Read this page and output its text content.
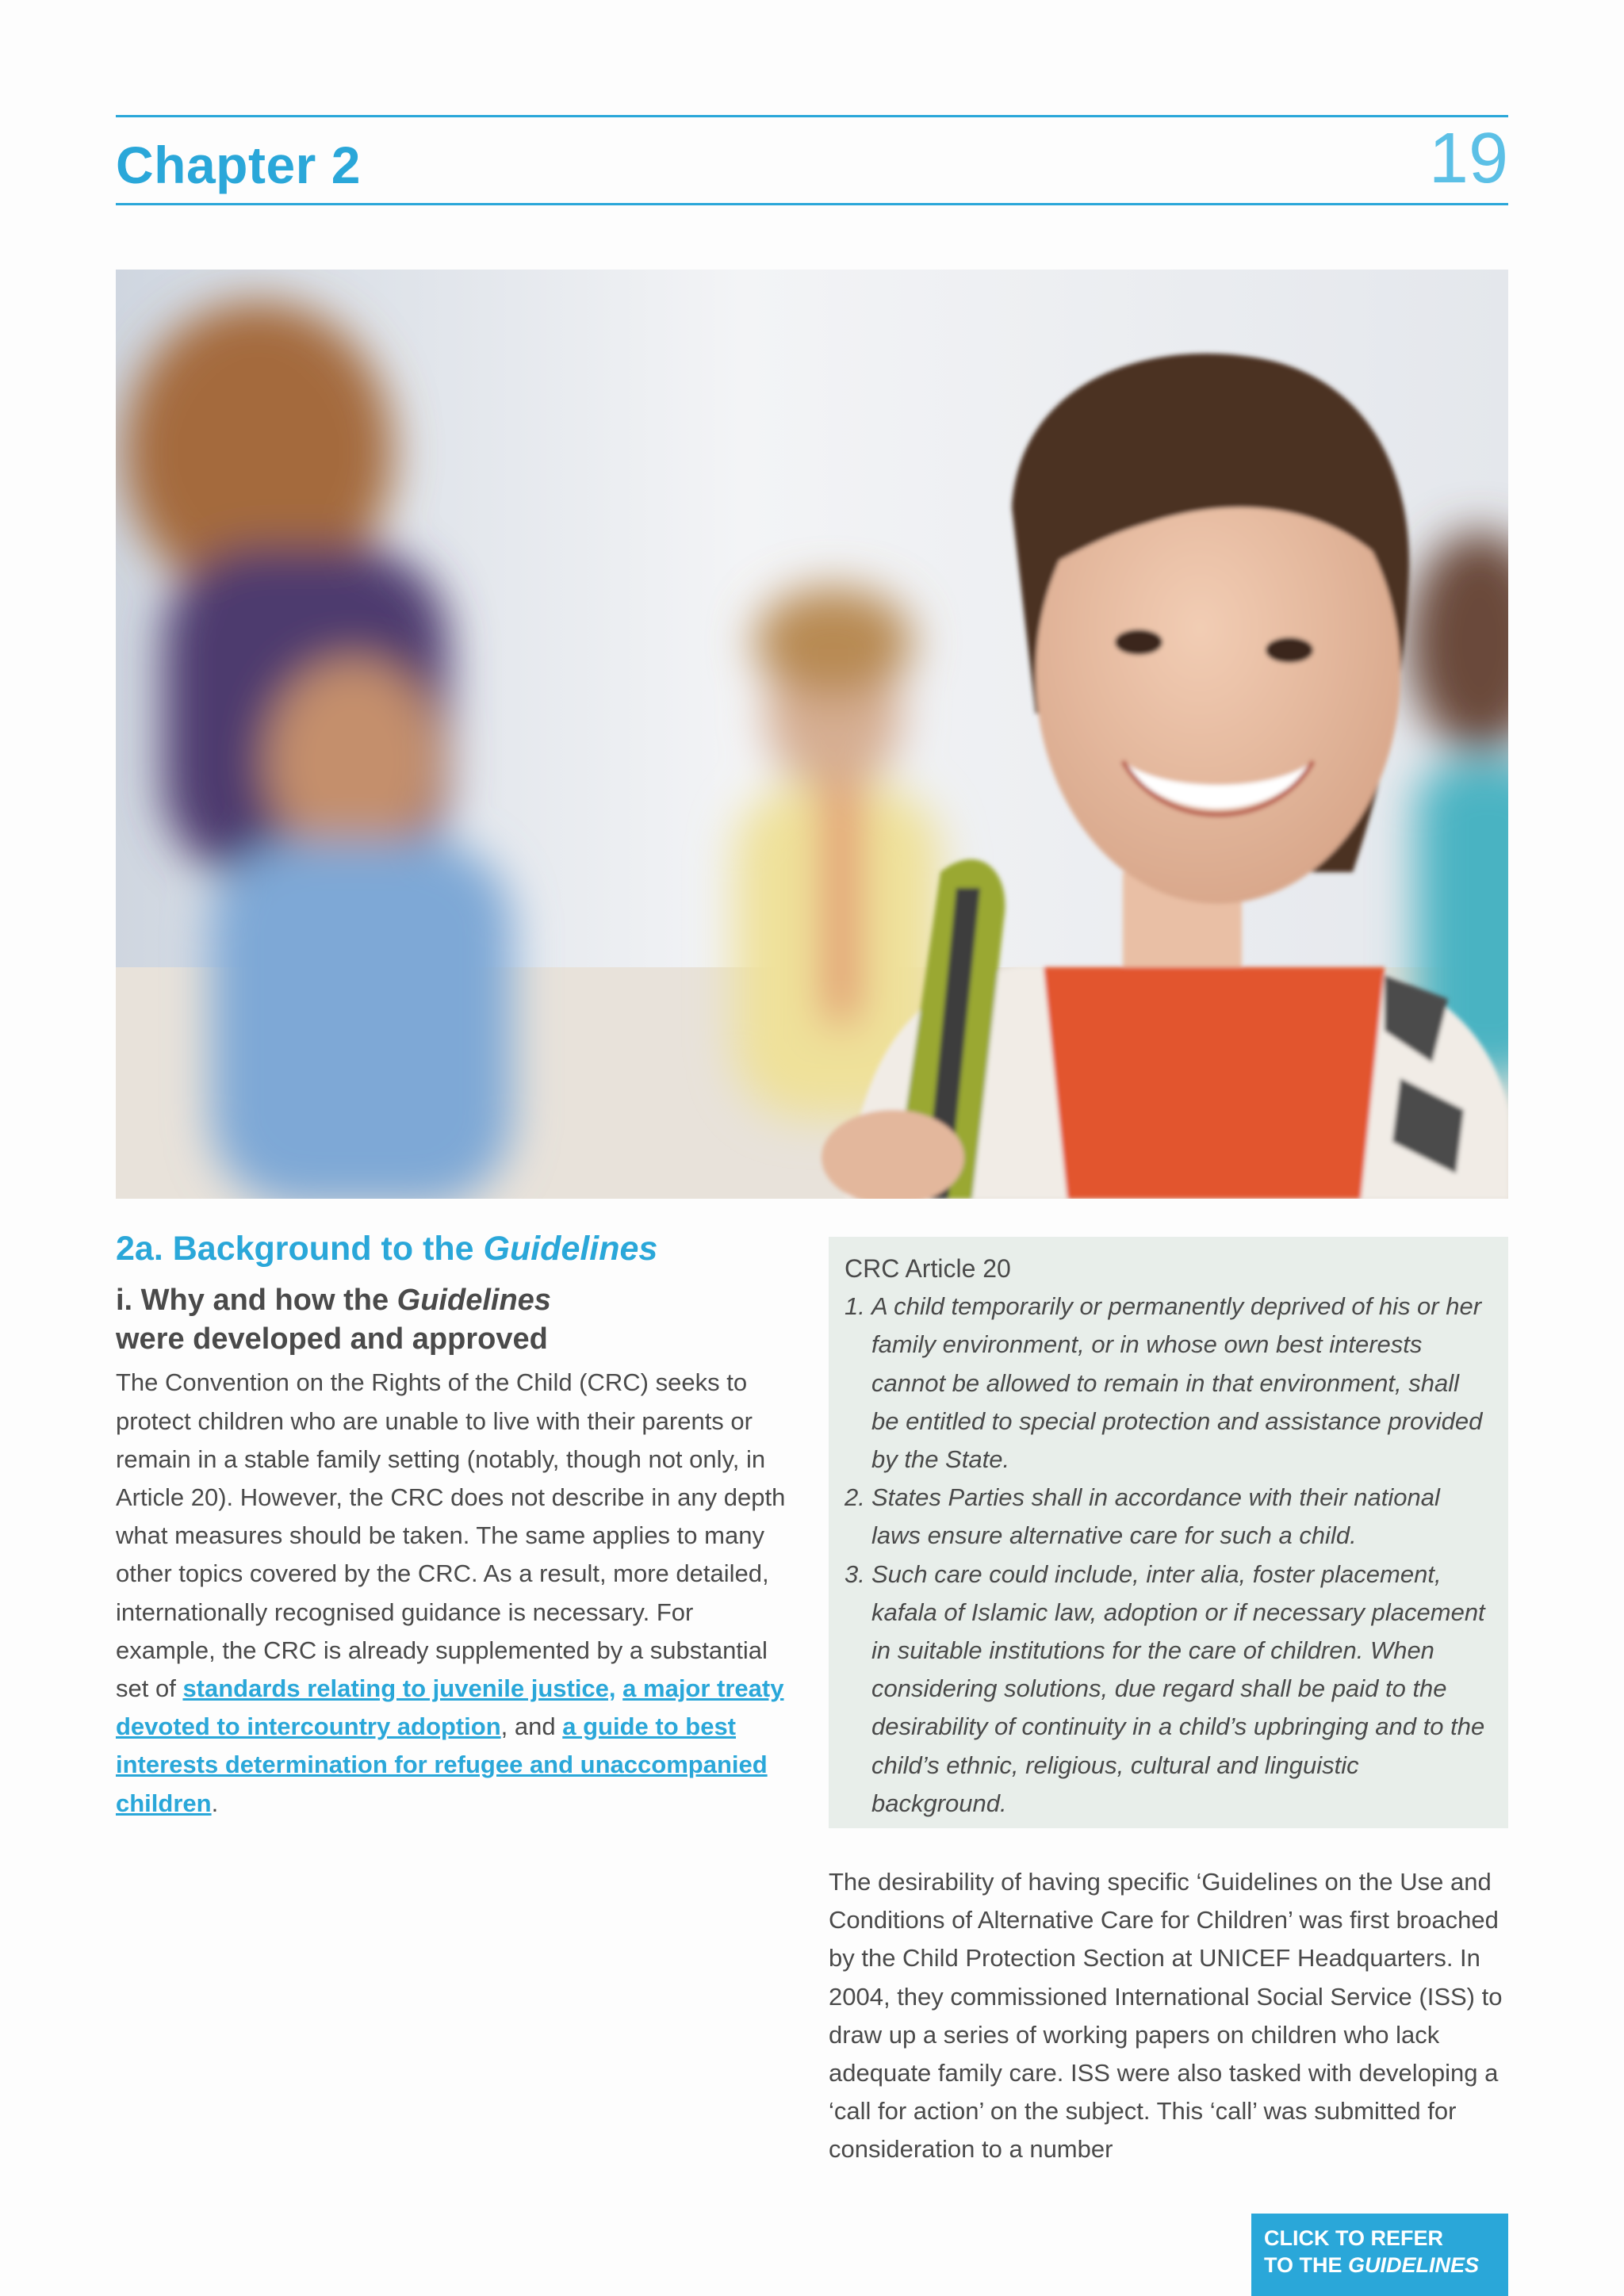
Chapter 2	19
2a. Background to the Guidelines
i. Why and how the Guidelines
were developed and approved

The Convention on the Rights of the Child (CRC) seeks to protect children who are unable to live with their parents or remain in a stable family setting (notably, though not only, in Article 20). However, the CRC does not describe in any depth what measures should be taken. The same applies to many other topics covered by the CRC. As a result, more detailed, internationally recognised guidance is necessary. For example, the CRC is already supplemented by a substantial set of standards relating to juvenile justice, a major treaty devoted to intercountry adoption, and a guide to best interests determination for refugee and unaccompanied children.

CRC Article 20
1. A child temporarily or permanently deprived of his or her family environment, or in whose own best interests cannot be allowed to remain in that environment, shall be entitled to special protection and assistance provided by the State.
2. States Parties shall in accordance with their national laws ensure alternative care for such a child.
3. Such care could include, inter alia, foster placement, kafala of Islamic law, adoption or if necessary placement in suitable institutions for the care of children. When considering solutions, due regard shall be paid to the desirability of continuity in a child’s upbringing and to the child’s ethnic, religious, cultural and linguistic background.

The desirability of having specific ‘Guidelines on the Use and Conditions of Alternative Care for Children’ was first broached by the Child Protection Section at UNICEF Headquarters. In 2004, they commissioned International Social Service (ISS) to draw up a series of working papers on children who lack adequate family care. ISS were also tasked with developing a ‘call for action’ on the subject. This ‘call’ was submitted for consideration to a number

CLICK TO REFER
TO THE GUIDELINES
